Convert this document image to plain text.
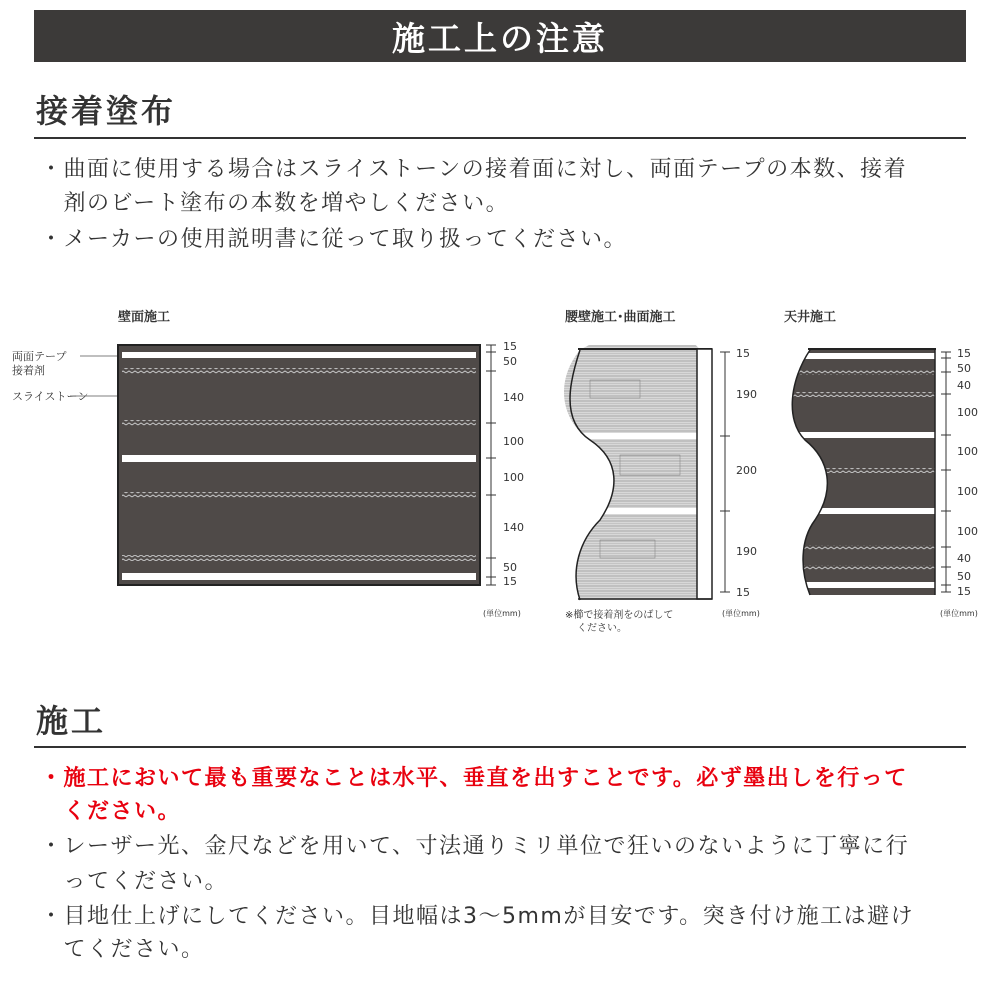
施工上の注意
接着塗布
・曲面に使用する場合はスライストーンの接着面に対し、両面テープの本数、接着
　剤のビート塗布の本数を増やしください。
・メーカーの使用説明書に従って取り扱ってください。
壁面施工
両面テープ
接着剤
スライストーン
15
50
140
100
100
140
50
15
(単位mm)
腰壁施工･曲面施工
15
190
200
190
15
※櫛で接着剤をのばして
ください。
(単位mm)
天井施工
15
50
40
100
100
100
100
40
50
15
(単位mm)
施工
・施工において最も重要なことは水平、垂直を出すことです。必ず墨出しを行って
　ください。
・レーザー光、金尺などを用いて、寸法通りミリ単位で狂いのないように丁寧に行
　ってください。
・目地仕上げにしてください。目地幅は3〜5mmが目安です。突き付け施工は避け
　てください。
